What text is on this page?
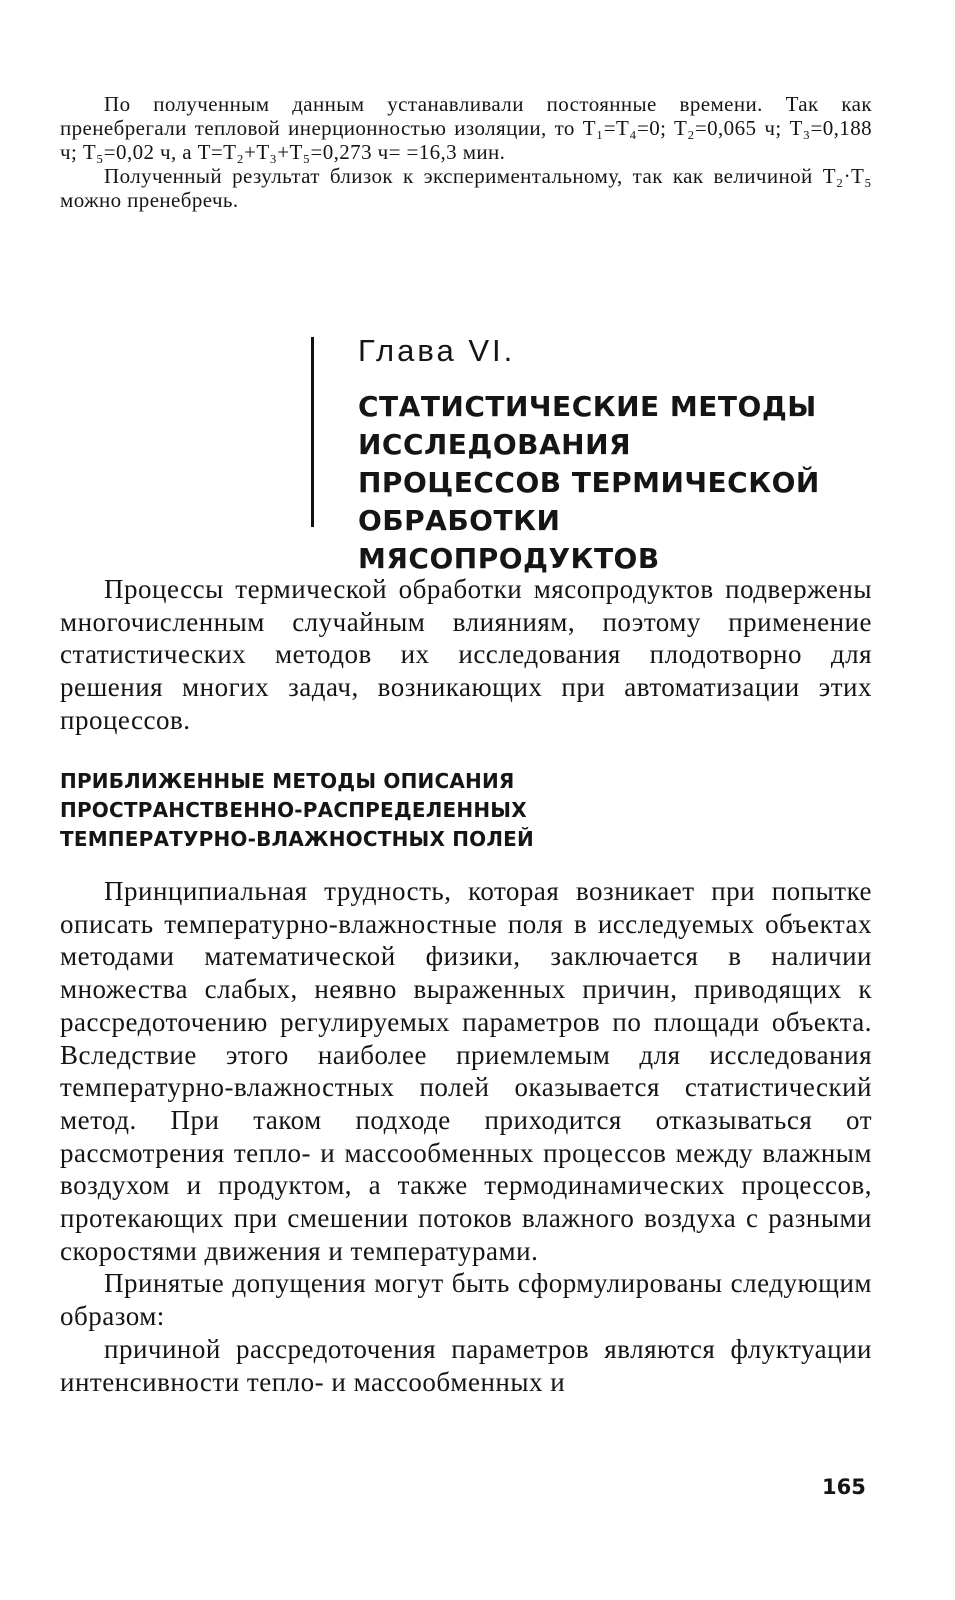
По полученным данным устанавливали постоянные времени. Так как пренебрегали тепловой инерционностью изоляции, то T₁=T₄=0; T₂=0,065 ч; T₃=0,188 ч; T₅=0,02 ч, а T=T₂+T₃+T₅=0,273 ч= =16,3 мин.

Полученный результат близок к экспериментальному, так как величиной T₂·T₅ можно пренебречь.

Глава VI.

СТАТИСТИЧЕСКИЕ МЕТОДЫ ИССЛЕДОВАНИЯ ПРОЦЕССОВ ТЕРМИЧЕСКОЙ ОБРАБОТКИ МЯСОПРОДУКТОВ

Процессы термической обработки мясопродуктов подвержены многочисленным случайным влияниям, поэтому применение статистических методов их исследования плодотворно для решения многих задач, возникающих при автоматизации этих процессов.

ПРИБЛИЖЕННЫЕ МЕТОДЫ ОПИСАНИЯ ПРОСТРАНСТВЕННО-РАСПРЕДЕЛЕННЫХ ТЕМПЕРАТУРНО-ВЛАЖНОСТНЫХ ПОЛЕЙ

Принципиальная трудность, которая возникает при попытке описать температурно-влажностные поля в исследуемых объектах методами математической физики, заключается в наличии множества слабых, неявно выраженных причин, приводящих к рассредоточению регулируемых параметров по площади объекта. Вследствие этого наиболее приемлемым для исследования температурно-влажностных полей оказывается статистический метод. При таком подходе приходится отказываться от рассмотрения тепло- и массообменных процессов между влажным воздухом и продуктом, а также термодинамических процессов, протекающих при смешении потоков влажного воздуха с разными скоростями движения и температурами.

Принятые допущения могут быть сформулированы следующим образом:

причиной рассредоточения параметров являются флуктуации интенсивности тепло- и массообменных и

165
